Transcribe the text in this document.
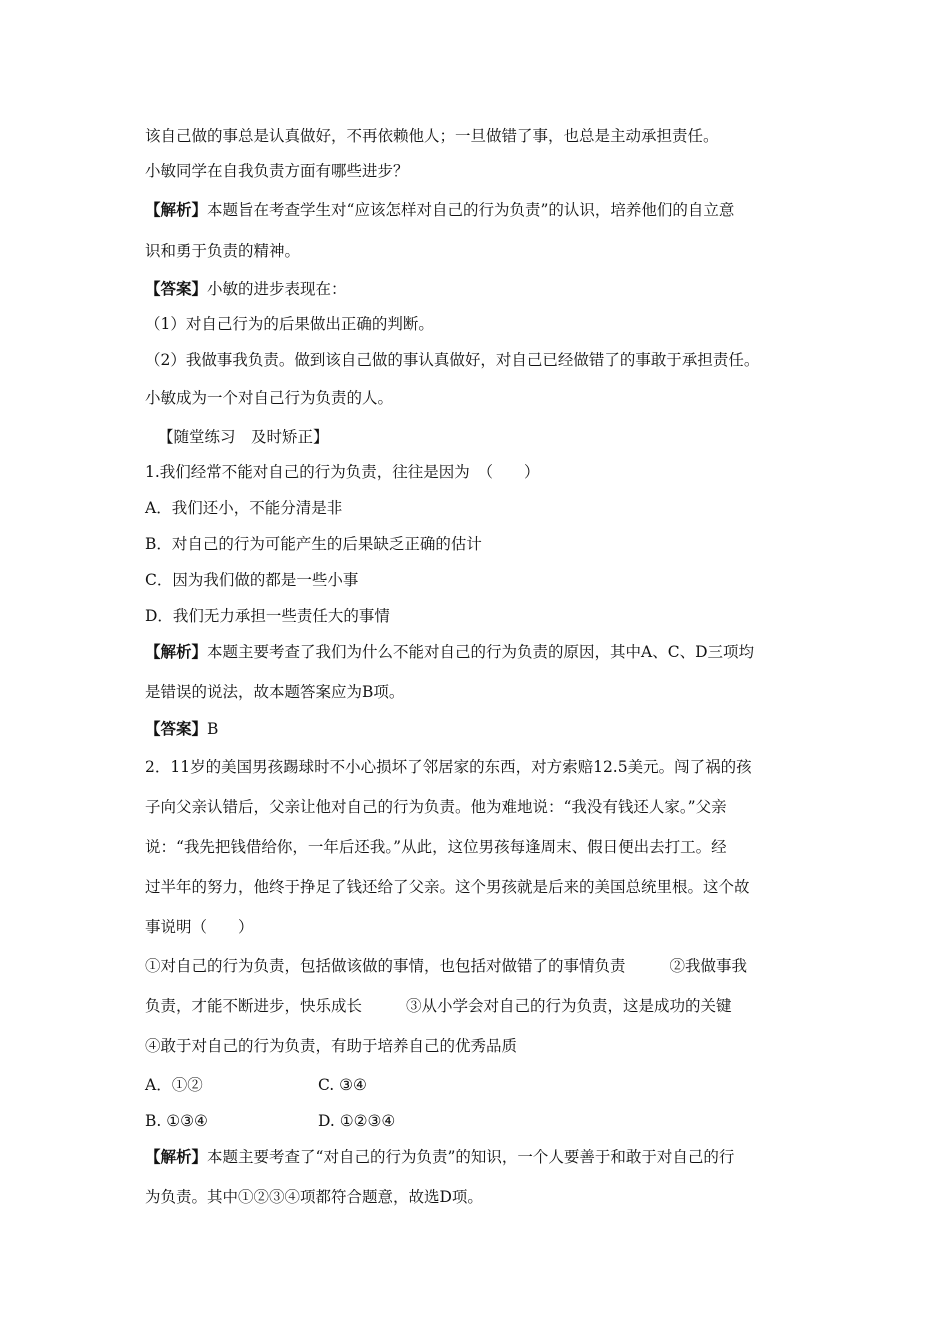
该自己做的事总是认真做好，不再依赖他人；一旦做错了事，也总是主动承担责任。
小敏同学在自我负责方面有哪些进步？
【解析】本题旨在考查学生对“应该怎样对自己的行为负责”的认识，培养他们的自立意
识和勇于负责的精神。
【答案】小敏的进步表现在：
（1）对自己行为的后果做出正确的判断。
（2）我做事我负责。做到该自己做的事认真做好，对自己已经做错了的事敢于承担责任。
小敏成为一个对自己行为负责的人。
【随堂练习　及时矫正】
1.我们经常不能对自己的行为负责，往往是因为　（　　）
A．我们还小，不能分清是非
B．对自己的行为可能产生的后果缺乏正确的估计
C．因为我们做的都是一些小事
D．我们无力承担一些责任大的事情
【解析】本题主要考查了我们为什么不能对自己的行为负责的原因，其中A、C、D三项均
是错误的说法，故本题答案应为B项。
【答案】B
2．11岁的美国男孩踢球时不小心损坏了邻居家的东西，对方索赔12.5美元。闯了祸的孩
子向父亲认错后，父亲让他对自己的行为负责。他为难地说：“我没有钱还人家。”父亲
说：“我先把钱借给你，一年后还我。”从此，这位男孩每逢周末、假日便出去打工。经
过半年的努力，他终于挣足了钱还给了父亲。这个男孩就是后来的美国总统里根。这个故
事说明（　　）
①对自己的行为负责，包括做该做的事情，也包括对做错了的事情负责	②我做事我
负责，才能不断进步，快乐成长	③从小学会对自己的行为负责，这是成功的关键
④敢于对自己的行为负责，有助于培养自己的优秀品质
A．①②	C. ③④
B. ①③④	D. ①②③④
【解析】本题主要考查了“对自己的行为负责”的知识，一个人要善于和敢于对自己的行
为负责。其中①②③④项都符合题意，故选D项。
